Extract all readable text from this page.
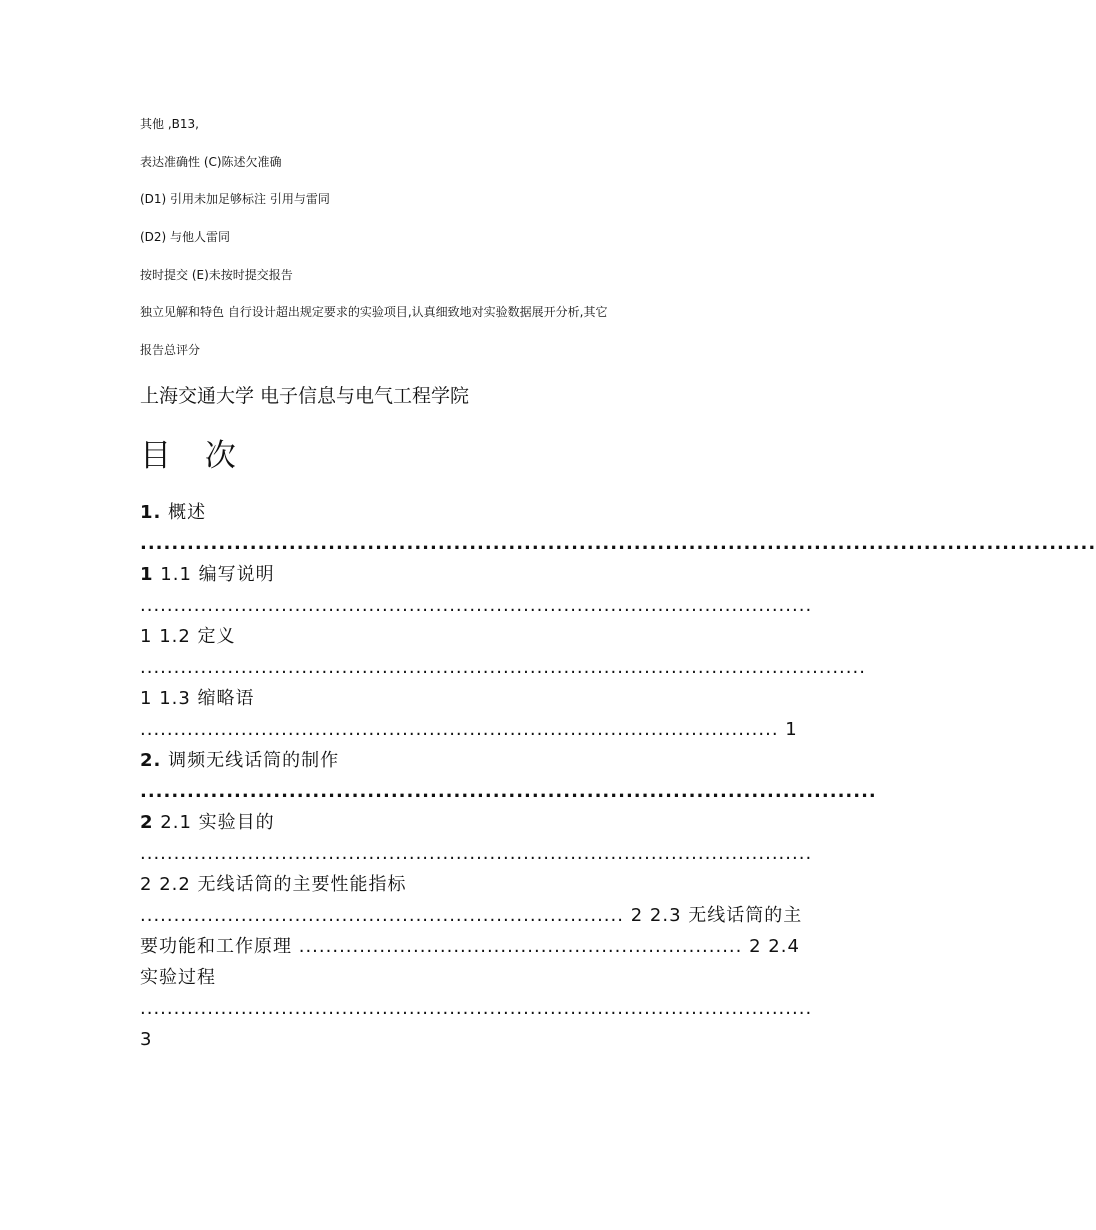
其他 ,B13,
表达准确性 (C)陈述欠准确
(D1) 引用未加足够标注 引用与雷同
(D2) 与他人雷同
按时提交 (E)未按时提交报告
独立见解和特色 自行设计超出规定要求的实验项目,认真细致地对实验数据展开分析,其它
报告总评分
上海交通大学 电子信息与电气工程学院
目 次
1. 概述 .......................................................................................................................... 1 1.1 编写说明 .................................................................................................... 1 1.2 定义 ............................................................................................................ 1 1.3 缩略语 ............................................................................................... 1 2. 调频无线话筒的制作 .............................................................................................. 2 2.1 实验目的 .................................................................................................... 2 2.2 无线话筒的主要性能指标 ........................................................................ 2 2.3 无线话筒的主要功能和工作原理 .................................................................. 2 2.4 实验过程 .................................................................................................... 3
